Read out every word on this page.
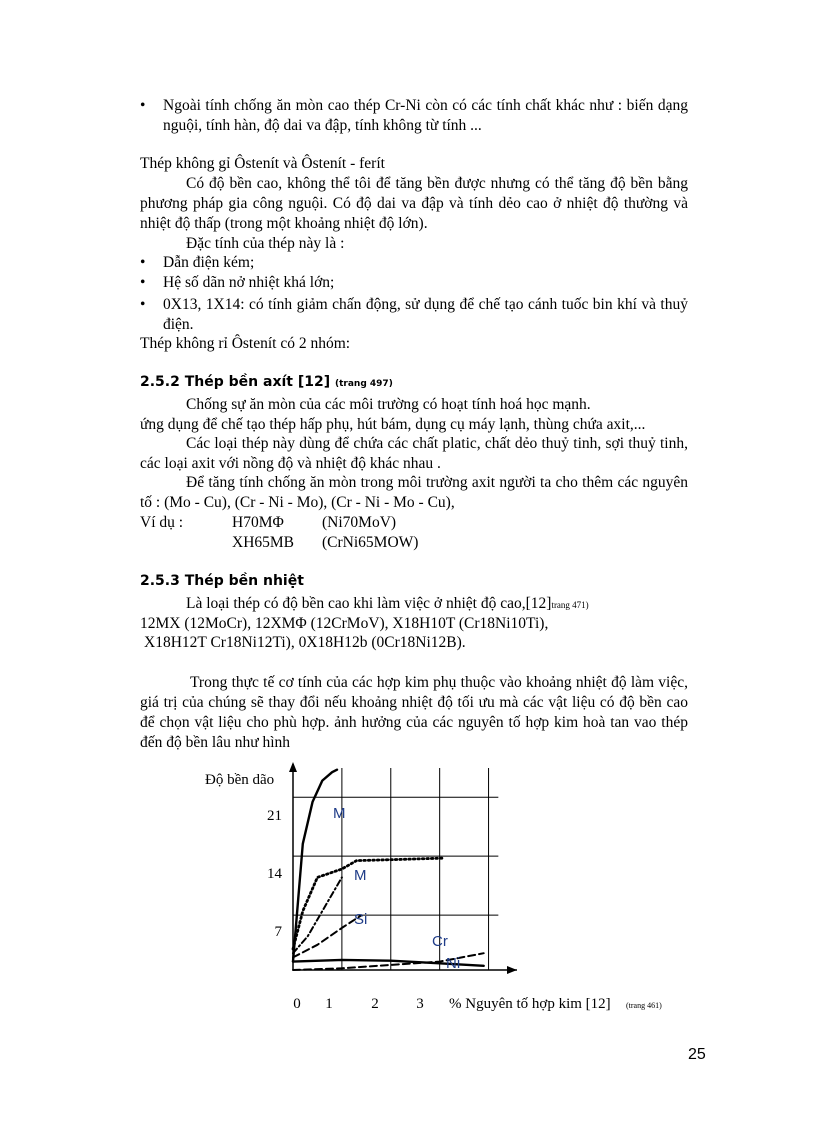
•	Ngoài tính chống ăn mòn cao thép Cr-Ni còn có các tính chất khác như : biến dạng nguội, tính hàn, độ dai va đập, tính không từ tính ...
Thép không gỉ Ôstenít và Ôstenít - ferít
Có độ bền cao, không thể tôi để tăng bền được nhưng có thể tăng độ bền bằng phương pháp gia công nguội. Có độ dai va đập và tính dẻo cao ở nhiệt độ thường và nhiệt độ thấp (trong một khoảng nhiệt độ lớn).
Đặc tính của thép này là :
•	Dẫn điện kém;
•	Hệ số dãn nở nhiệt khá lớn;
•	0X13, 1X14: có tính giảm chấn động, sử dụng để chế tạo cánh tuốc bin khí và thuỷ điện.
Thép không rỉ Ôstenít có 2 nhóm:
2.5.2 Thép bền axít [12] (trang 497)
Chống sự ăn mòn của các môi trường có hoạt tính hoá học mạnh.
ứng dụng để chế tạo thép hấp phụ, hút bám, dụng cụ máy lạnh, thùng chứa axit,...
Các loại thép này dùng để chứa các chất platic, chất dẻo thuỷ tinh, sợi thuỷ tinh, các loại axit với nồng độ và nhiệt độ khác nhau .
Để tăng tính chống ăn mòn trong môi trường axit người ta cho thêm các nguyên tố : (Mo - Cu), (Cr - Ni - Mo), (Cr - Ni - Mo - Cu),
Ví dụ :	H70MΦ (Ni70MoV)
XH65MB (CrNi65MOW)
2.5.3 Thép bền nhiệt
Là loại thép có độ bền cao khi làm việc ở nhiệt độ cao,[12]trang 471)
12MX (12MoCr), 12XMΦ (12CrMoV), X18H10T (Cr18Ni10Ti),
X18H12T Cr18Ni12Ti), 0X18H12b (0Cr18Ni12B).
Trong thực tế cơ tính của các hợp kim phụ thuộc vào khoảng nhiệt độ làm việc, giá trị của chúng sẽ thay đổi nếu khoảng nhiệt độ tối ưu mà các vật liệu có độ bền cao để chọn vật liệu cho phù hợp. ảnh hưởng của các nguyên tố hợp kim hoà tan vao thép đến độ bền lâu như hình
Độ bền dão
7
14
21
0 1	2	3 % Nguyên tố hợp kim [12] (trang 461)
M
M
Si
Cr
Ni
25
